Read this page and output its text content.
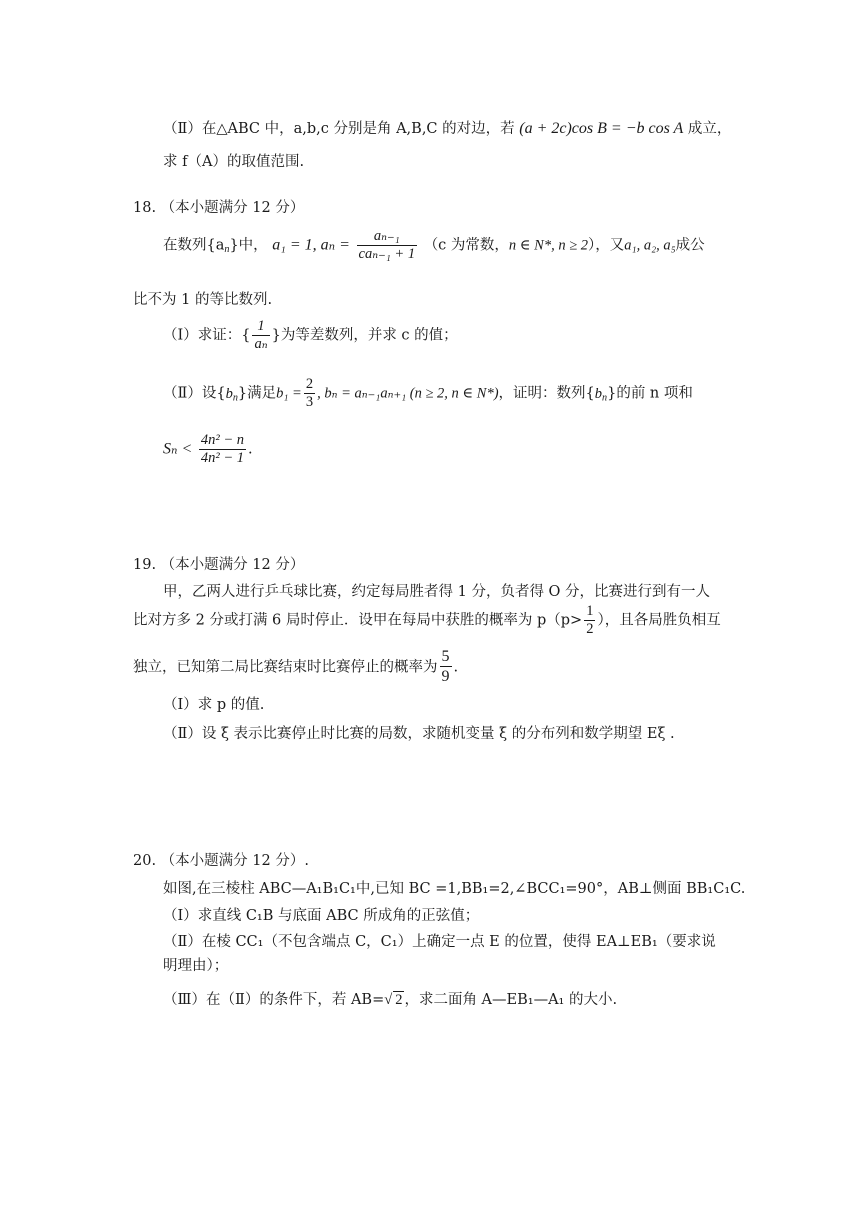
（Ⅱ）在△ABC 中，a,b,c 分别是角 A,B,C 的对边，若 (a + 2c)cos B = −b cos A 成立，
求 f（A）的取值范围.
18. （本小题满分 12 分）
在数列$\{a_n\}$中， a₁ = 1, $a_n = \frac{\text{aₙ₋₁}}{\text{caₙ₋₁ + 1}} (c$ 为常数，n ∈ N*, n ≥ 2），又a₁, a₂, a₅成公
比不为 1 的等比数列.
（Ⅰ）求证：{ $\frac{1}{\text{aₙ}}$ }为等差数列，并求 c 的值；
（Ⅱ）设$\{b_n\}$满足$b_1 = \frac{2}{3}$ , bₙ = aₙ₋₁aₙ₊₁ (n ≥ 2, n ∈ N*)，证明：数列$\{b_n\}$的前 n 项和
$S_n < \frac{\text{4n² − n}}{\text{4n² − 1}}$ .
19. （本小题满分 12 分）
甲，乙两人进行乒乓球比赛，约定每局胜者得 1 分，负者得 O 分，比赛进行到有一人
比对方多 2 分或打满 6 局时停止．设甲在每局中获胜的概率为 $p(p> \frac{1}{2}$ ），且各局胜负相互
独立，已知第二局比赛结束时比赛停止的概率为 $\frac{5}{9}$ .
（Ⅰ）求 p 的值.
（Ⅱ）设 ξ 表示比赛停止时比赛的局数，求随机变量 ξ 的分布列和数学期望 Eξ .
20. （本小题满分 12 分）.
如图,在三棱柱 ABC—A₁B₁C₁中,已知 BC =1,BB₁=2,∠BCC₁=90°，AB⊥侧面 BB₁C₁C.
（Ⅰ）求直线 C₁B 与底面 ABC 所成角的正弦值；
（Ⅱ）在棱 CC₁（不包含端点 C，C₁）上确定一点 E 的位置，使得 EA⊥EB₁（要求说
明理由）；
（Ⅲ）在（Ⅱ）的条件下，若 AB=√ 2 ，求二面角 A—EB₁—A₁ 的大小.
